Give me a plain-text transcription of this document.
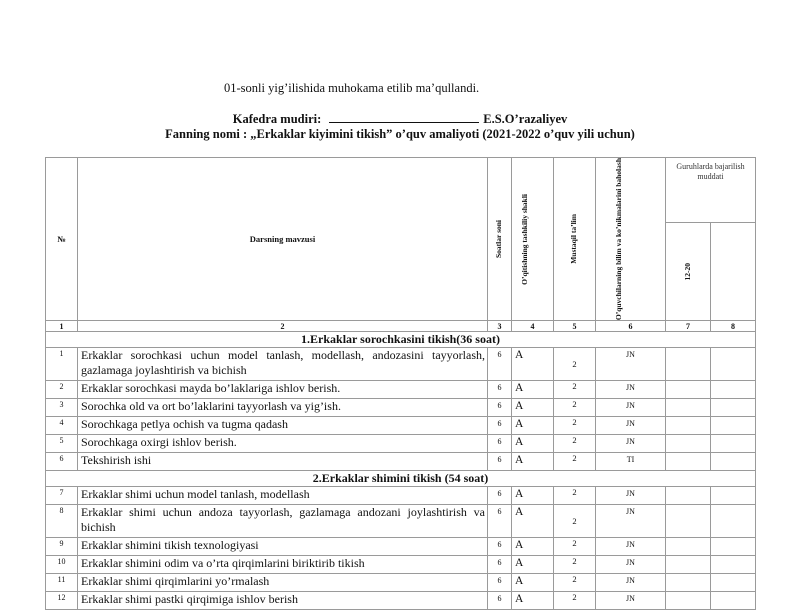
01-sonli yig’ilishida muhokama etilib ma’qullandi.
Kafedra mudiri:	E.S.O’razaliyev
Fanning nomi : „Erkaklar kiyimini tikish” o’quv amaliyoti (2021-2022 o’quv yili uchun)
№	Darsning mavzusi	Soatlar soni	O’qitishning tashkiliy shakli	Mustaqil ta’lim	O’quvchilarning bilim va ko’nikmalarini baholash	Guruhlarda bajarilish muddati	

						12-20	

1	2	3	4	5	6	7	8
1.Erkaklar sorochkasini tikish(36 soat)							
1	Erkaklar sorochkasi uchun model tanlash, modellash, andozasini tayyorlash, gazlamaga joylashtirish va bichish	6	A	2	JN		
2	Erkaklar sorochkasi mayda bo’laklariga ishlov berish.	6	A	2	JN		
3	Sorochka old va ort bo’laklarini tayyorlash va yig’ish.	6	A	2	JN		
4	Sorochkaga petlya ochish va tugma qadash	6	A	2	JN		
5	Sorochkaga oxirgi ishlov berish.	6	A	2	JN		
6	Tekshirish ishi	6	A	2	TI		
2.Erkaklar shimini tikish (54 soat)							
7	Erkaklar shimi uchun model tanlash, modellash	6	A	2	JN		
8	Erkaklar shimi uchun andoza tayyorlash, gazlamaga andozani joylashtirish va bichish	6	A	2	JN		
9	Erkaklar shimini tikish texnologiyasi	6	A	2	JN		
10	Erkaklar shimini odim va o’rta qirqimlarini biriktirib tikish	6	A	2	JN		
11	Erkaklar shimi qirqimlarini yo’rmalash	6	A	2	JN		
12	Erkaklar shimi pastki qirqimiga ishlov berish	6	A	2	JN		
